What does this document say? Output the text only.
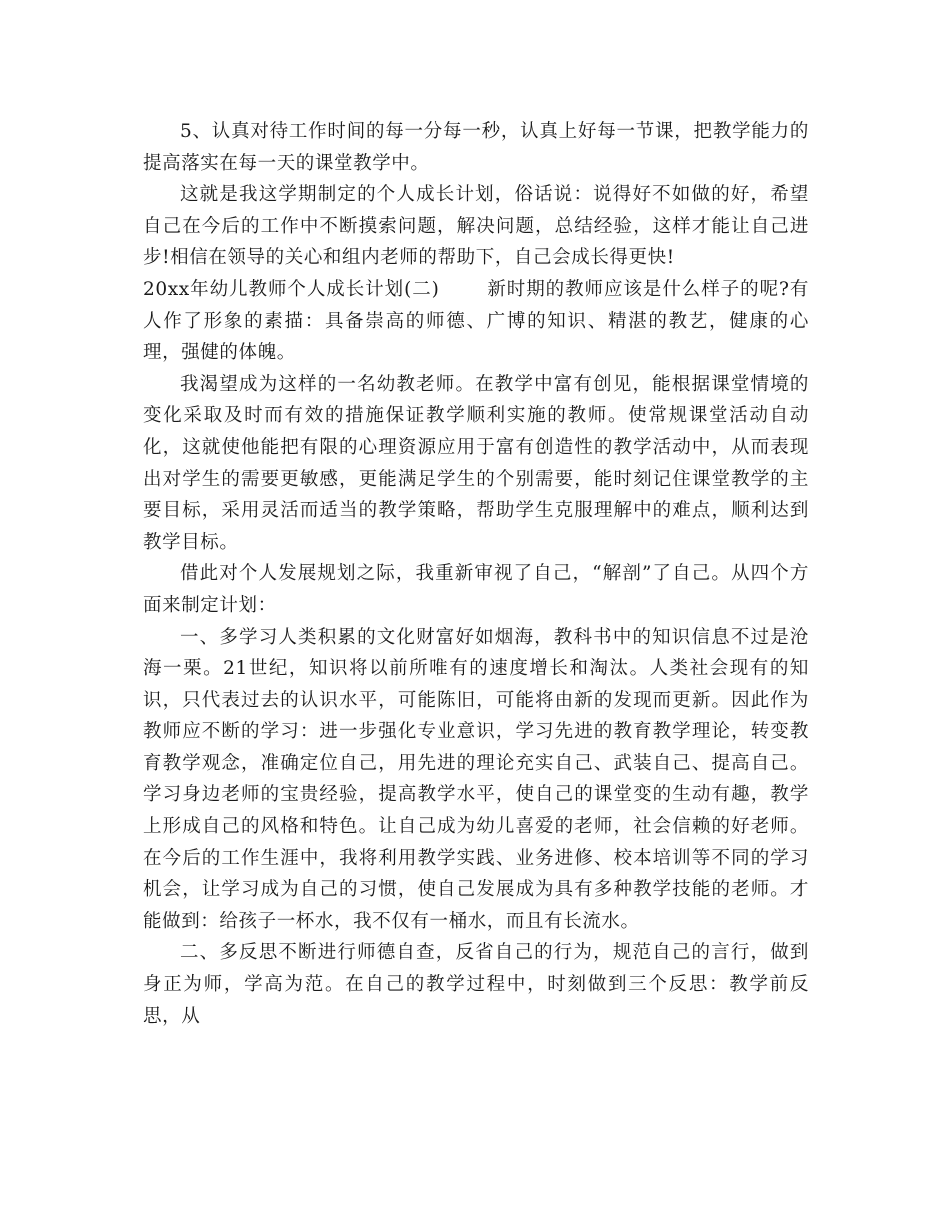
5、认真对待工作时间的每一分每一秒，认真上好每一节课，把教学能力的提高落实在每一天的课堂教学中。

这就是我这学期制定的个人成长计划，俗话说：说得好不如做的好，希望自己在今后的工作中不断摸索问题，解决问题，总结经验，这样才能让自己进步!相信在领导的关心和组内老师的帮助下，自己会成长得更快!

20xx年幼儿教师个人成长计划(二)	新时期的教师应该是什么样子的呢?有人作了形象的素描：具备崇高的师德、广博的知识、精湛的教艺，健康的心理，强健的体魄。

我渴望成为这样的一名幼教老师。在教学中富有创见，能根据课堂情境的变化采取及时而有效的措施保证教学顺利实施的教师。使常规课堂活动自动化，这就使他能把有限的心理资源应用于富有创造性的教学活动中，从而表现出对学生的需要更敏感，更能满足学生的个别需要，能时刻记住课堂教学的主要目标，采用灵活而适当的教学策略，帮助学生克服理解中的难点，顺利达到教学目标。

借此对个人发展规划之际，我重新审视了自己，“解剖”了自己。从四个方面来制定计划：

一、多学习人类积累的文化财富好如烟海，教科书中的知识信息不过是沧海一栗。21世纪，知识将以前所唯有的速度增长和淘汰。人类社会现有的知识，只代表过去的认识水平，可能陈旧，可能将由新的发现而更新。因此作为教师应不断的学习：进一步强化专业意识，学习先进的教育教学理论，转变教育教学观念，准确定位自己，用先进的理论充实自己、武装自己、提高自己。学习身边老师的宝贵经验，提高教学水平，使自己的课堂变的生动有趣，教学上形成自己的风格和特色。让自己成为幼儿喜爱的老师，社会信赖的好老师。在今后的工作生涯中，我将利用教学实践、业务进修、校本培训等不同的学习机会，让学习成为自己的习惯，使自己发展成为具有多种教学技能的老师。才能做到：给孩子一杯水，我不仅有一桶水，而且有长流水。

二、多反思不断进行师德自查，反省自己的行为，规范自己的言行，做到身正为师，学高为范。在自己的教学过程中，时刻做到三个反思：教学前反思，从
